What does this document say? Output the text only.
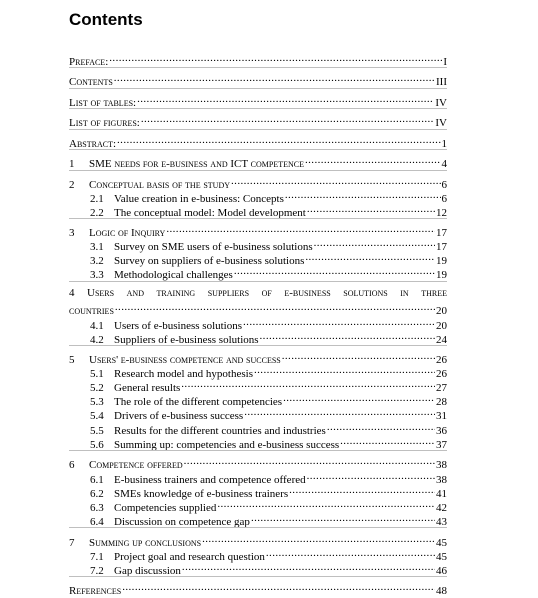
Contents
Preface: .....	I
Contents .....	III
List of tables: .....	IV
List of figures: .....	IV
Abstract: .....	1
1	SME needs for e-business and ICT competence .....	4
2	Conceptual basis of the study .....	6
2.1 Value creation in e-business: Concepts .....	6
2.2 The conceptual model: Model development .....	12
3	Logic of Inquiry .....	17
3.1 Survey on SME users of e-business solutions .....	17
3.2 Survey on suppliers of e-business solutions .....	19
3.3 Methodological challenges .....	19
4 Users and training suppliers of e-business solutions in three
countries .....	20
4.1 Users of e-business solutions .....	20
4.2 Suppliers of e-business solutions .....	24
5	Users' e-business competence and success .....	26
5.1 Research model and hypothesis .....	26
5.2 General results .....	27
5.3 The role of the different competencies .....	28
5.4 Drivers of e-business success .....	31
5.5 Results for the different countries and industries .....	36
5.6 Summing up: competencies and e-business success .....	37
6	Competence offered .....	38
6.1 E-business trainers and competence offered .....	38
6.2 SMEs knowledge of e-business trainers .....	41
6.3 Competencies supplied .....	42
6.4 Discussion on competence gap .....	43
7	Summing up conclusions .....	45
7.1 Project goal and research question .....	45
7.2 Gap discussion .....	46
References .....	48
